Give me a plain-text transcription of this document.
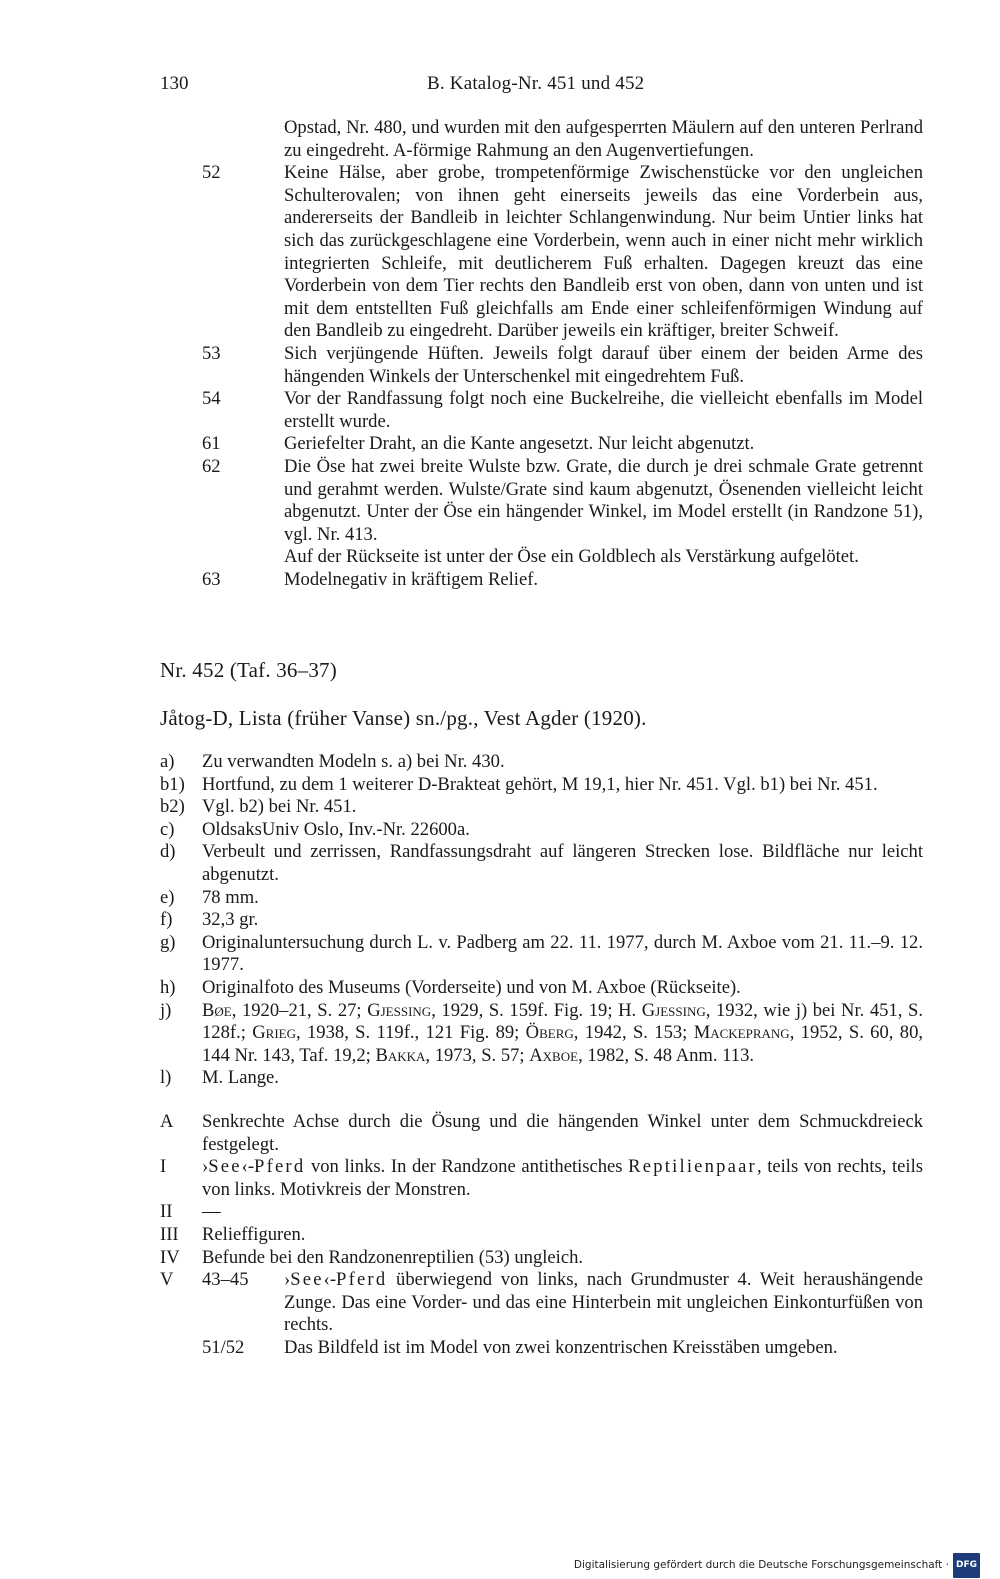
130	B. Katalog-Nr. 451 und 452
Opstad, Nr. 480, und wurden mit den aufgesperrten Mäulern auf den unteren Perlrand zu eingedreht. A-förmige Rahmung an den Augenvertiefungen.
52	Keine Hälse, aber grobe, trompetenförmige Zwischenstücke vor den ungleichen Schulterovalen; von ihnen geht einerseits jeweils das eine Vorderbein aus, andererseits der Bandleib in leichter Schlangenwindung. Nur beim Untier links hat sich das zurückgeschlagene eine Vorderbein, wenn auch in einer nicht mehr wirklich integrierten Schleife, mit deutlicherem Fuß erhalten. Dagegen kreuzt das eine Vorderbein von dem Tier rechts den Bandleib erst von oben, dann von unten und ist mit dem entstellten Fuß gleichfalls am Ende einer schleifenförmigen Windung auf den Bandleib zu eingedreht. Darüber jeweils ein kräftiger, breiter Schweif.
53	Sich verjüngende Hüften. Jeweils folgt darauf über einem der beiden Arme des hängenden Winkels der Unterschenkel mit eingedrehtem Fuß.
54	Vor der Randfassung folgt noch eine Buckelreihe, die vielleicht ebenfalls im Model erstellt wurde.
61	Geriefelter Draht, an die Kante angesetzt. Nur leicht abgenutzt.
62	Die Öse hat zwei breite Wulste bzw. Grate, die durch je drei schmale Grate getrennt und gerahmt werden. Wulste/Grate sind kaum abgenutzt, Ösenenden vielleicht leicht abgenutzt. Unter der Öse ein hängender Winkel, im Model erstellt (in Randzone 51), vgl. Nr. 413.
Auf der Rückseite ist unter der Öse ein Goldblech als Verstärkung aufgelötet.
63	Modelnegativ in kräftigem Relief.
Nr. 452 (Taf. 36–37)
Jåtog-D, Lista (früher Vanse) sn./pg., Vest Agder (1920).
a)	Zu verwandten Modeln s. a) bei Nr. 430.
b1) Hortfund, zu dem 1 weiterer D-Brakteat gehört, M 19,1, hier Nr. 451. Vgl. b1) bei Nr. 451.
b2) Vgl. b2) bei Nr. 451.
c)	OldsaksUniv Oslo, Inv.-Nr. 22600a.
d)	Verbeult und zerrissen, Randfassungsdraht auf längeren Strecken lose. Bildfläche nur leicht abgenutzt.
e)	78 mm.
f)	32,3 gr.
g)	Originaluntersuchung durch L. v. Padberg am 22. 11. 1977, durch M. Axboe vom 21. 11.–9. 12. 1977.
h)	Originalfoto des Museums (Vorderseite) und von M. Axboe (Rückseite).
j)	Bøe, 1920–21, S. 27; Gjessing, 1929, S. 159f. Fig. 19; H. Gjessing, 1932, wie j) bei Nr. 451, S. 128f.; Grieg, 1938, S. 119f., 121 Fig. 89; Öberg, 1942, S. 153; Mackeprang, 1952, S. 60, 80, 144 Nr. 143, Taf. 19,2; Bakka, 1973, S. 57; Axboe, 1982, S. 48 Anm. 113.
l)	M. Lange.
A	Senkrechte Achse durch die Ösung und die hängenden Winkel unter dem Schmuckdreieck festgelegt.
I	›See‹-Pferd von links. In der Randzone antithetisches Reptilienpaar, teils von rechts, teils von links. Motivkreis der Monstren.
II	—
III	Relieffiguren.
IV	Befunde bei den Randzonenreptilien (53) ungleich.
V	43–45	›See‹-Pferd überwiegend von links, nach Grundmuster 4. Weit heraushängende Zunge. Das eine Vorder- und das eine Hinterbein mit ungleichen Einkonturfüßen von rechts.
51/52	Das Bildfeld ist im Model von zwei konzentrischen Kreisstäben umgeben.
Digitalisierung gefördert durch die Deutsche Forschungsgemeinschaft · DFG
